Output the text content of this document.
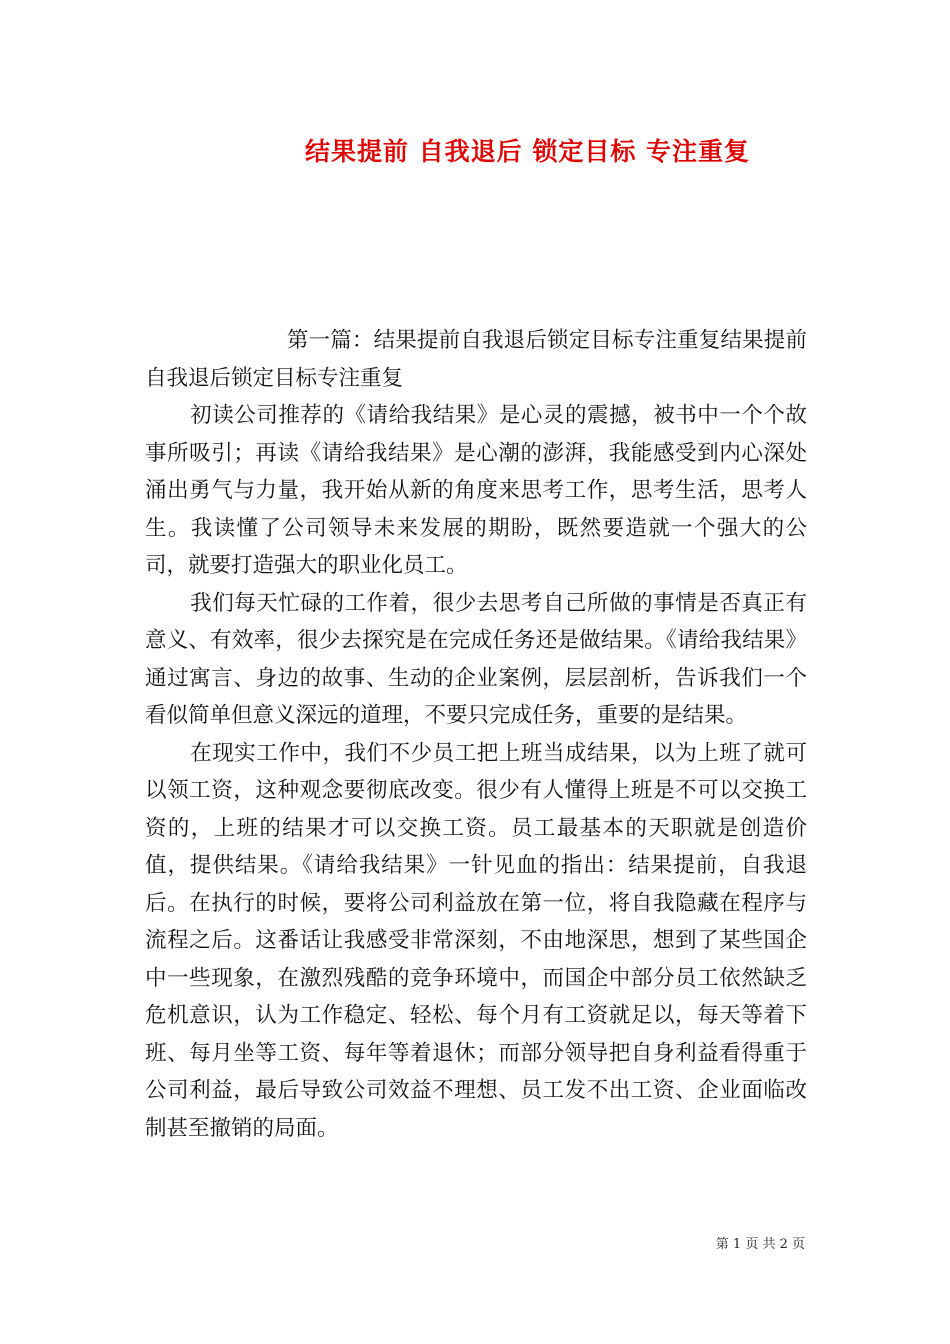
结果提前 自我退后 锁定目标 专注重复

第一篇：结果提前自我退后锁定目标专注重复结果提前自我退后锁定目标专注重复

初读公司推荐的《请给我结果》是心灵的震撼，被书中一个个故事所吸引；再读《请给我结果》是心潮的澎湃，我能感受到内心深处涌出勇气与力量，我开始从新的角度来思考工作，思考生活，思考人生。我读懂了公司领导未来发展的期盼，既然要造就一个强大的公司，就要打造强大的职业化员工。

我们每天忙碌的工作着，很少去思考自己所做的事情是否真正有意义、有效率，很少去探究是在完成任务还是做结果。《请给我结果》通过寓言、身边的故事、生动的企业案例，层层剖析，告诉我们一个看似简单但意义深远的道理，不要只完成任务，重要的是结果。

在现实工作中，我们不少员工把上班当成结果，以为上班了就可以领工资，这种观念要彻底改变。很少有人懂得上班是不可以交换工资的，上班的结果才可以交换工资。员工最基本的天职就是创造价值，提供结果。《请给我结果》一针见血的指出：结果提前，自我退后。在执行的时候，要将公司利益放在第一位，将自我隐藏在程序与流程之后。这番话让我感受非常深刻，不由地深思，想到了某些国企中一些现象，在激烈残酷的竞争环境中，而国企中部分员工依然缺乏危机意识，认为工作稳定、轻松、每个月有工资就足以，每天等着下班、每月坐等工资、每年等着退休；而部分领导把自身利益看得重于公司利益，最后导致公司效益不理想、员工发不出工资、企业面临改制甚至撤销的局面。

第 1 页 共 2 页
